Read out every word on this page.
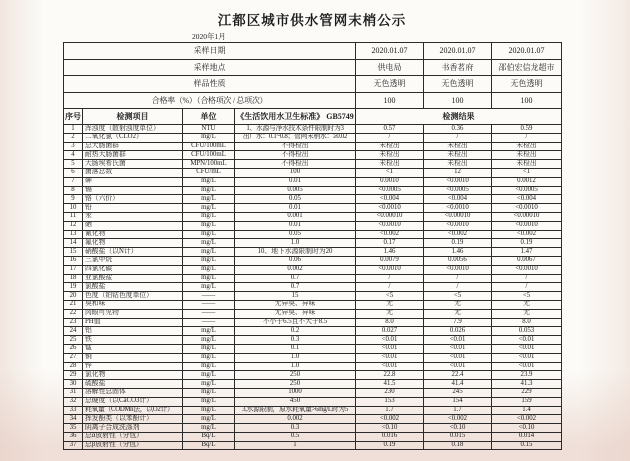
江都区城市供水管网末梢公示
2020年1月
采样日期				2020.01.07	2020.01.07	2020.01.07
采样地点				供电局	书香茗府	邵伯宏信龙超市
样品性质				无色透明	无色透明	无色透明
合格率（%）（合格项次 / 总项次）				100	100	100
序号	检测项目	单位	《生活饮用水卫生标准》 GB5749	检测结果		
1	浑浊度（散射浊度单位）	NTU	1、水源与净水技术条件限制时为3	0.57	0.36	0.59
2	二氧化氯（CLO2）	mg/L	出厂水：0.1~0.8；管网末梢水：≥0.02	/	/	/
3	总大肠菌群	CFU/100mL	不得检出	未检出	未检出	未检出
4	耐热大肠菌群	CFU/100mL	不得检出	未检出	未检出	未检出
5	大肠埃希氏菌	MPN/100mL	不得检出	未检出	未检出	未检出
6	菌落总数	CFU/mL	100	<1	12	<1
7	砷	mg/L	0.01	0.0010	<0.0010	0.0012
8	镉	mg/L	0.005	<0.0005	<0.0005	<0.0005
9	铬（六价）	mg/L	0.05	<0.004	<0.004	<0.004
10	铅	mg/L	0.01	<0.0010	<0.0010	<0.0010
11	汞	mg/L	0.001	<0.00010	<0.00010	<0.00010
12	硒	mg/L	0.01	<0.0010	<0.0010	<0.0010
13	氰化物	mg/L	0.05	<0.002	<0.002	<0.002
14	氟化物	mg/L	1.0	0.17	0.19	0.19
15	硝酸盐（以N计）	mg/L	10、地下水源限制时为20	1.46	1.46	1.47
16	三氯甲烷	mg/L	0.06	0.0079	0.0056	0.0067
17	四氯化碳	mg/L	0.002	<0.0010	<0.0010	<0.0010
18	亚氯酸盐	mg/L	0.7	/	/	/
19	氯酸盐	mg/L	0.7	/	/	/
20	色度（铂钴色度单位）	——	15	<5	<5	<5
21	臭和味	——	无异臭、异味	无	无	无
22	肉眼可见物	——	无异臭、异味	无	无	无
23	PH值	——	不小于6.5且不大于8.5	8.0	7.9	8.0
24	铝	mg/L	0.2	0.027	0.026	0.053
25	铁	mg/L	0.3	<0.01	<0.01	<0.01
26	锰	mg/L	0.1	<0.01	<0.01	<0.01
27	铜	mg/L	1.0	<0.01	<0.01	<0.01
28	锌	mg/L	1.0	<0.01	<0.01	<0.01
29	氯化物	mg/L	250	22.8	22.4	23.9
30	硫酸盐	mg/L	250	41.5	41.4	41.3
31	溶解性总固体	mg/L	1000	230	245	229
32	总硬度（以CaCO3计）	mg/L	450	153	154	159
33	耗氧量（CODMn法，以O2计）	mg/L	3,水源限制，原水耗氧量>6mg/L时为5	1.7	1.7	1.4
34	挥发酚类（以苯酚计）	mg/L	0.002	<0.002	<0.002	<0.002
35	阴离子合成洗涤剂	mg/L	0.3	<0.10	<0.10	<0.10
36	总α放射性（分包）	Bq/L	0.5	0.016	0.015	0.014
37	总β放射性（分包）	Bq/L	1	0.19	0.18	0.15
